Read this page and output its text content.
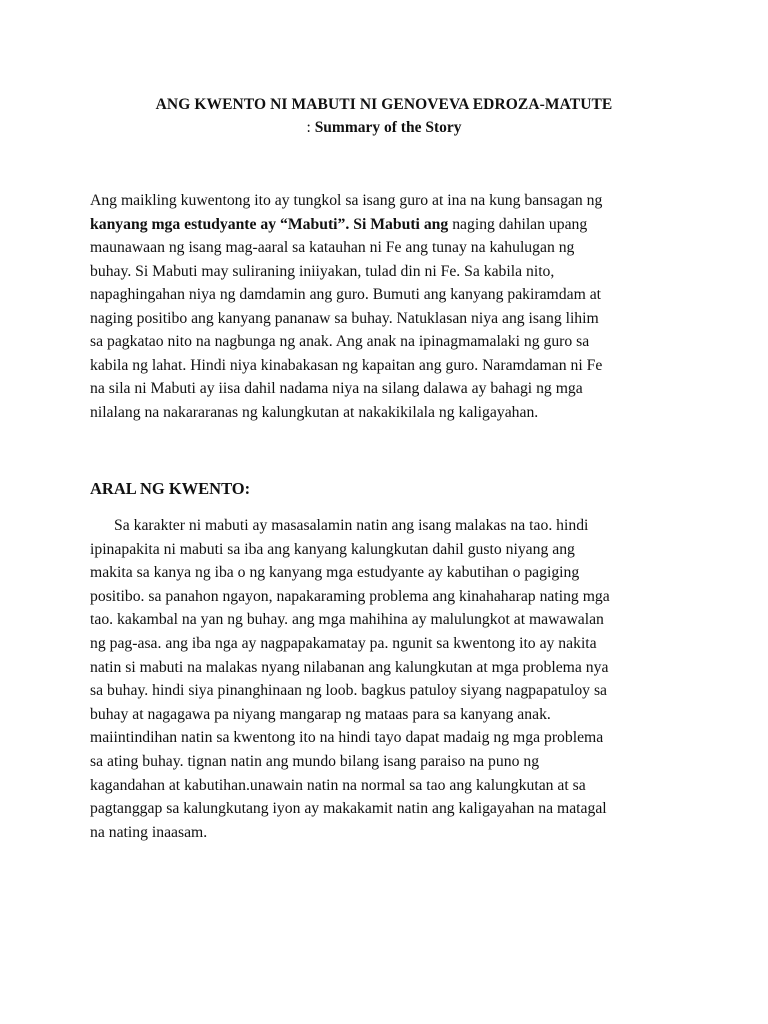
ANG KWENTO NI MABUTI NI GENOVEVA EDROZA-MATUTE
: Summary of the Story

Ang maikling kuwentong ito ay tungkol sa isang guro at ina na kung bansagan ng
kanyang mga estudyante ay “Mabuti”. Si Mabuti ang naging dahilan upang
maunawaan ng isang mag-aaral sa katauhan ni Fe ang tunay na kahulugan ng
buhay. Si Mabuti may suliraning iniiyakan, tulad din ni Fe. Sa kabila nito,
napaghingahan niya ng damdamin ang guro. Bumuti ang kanyang pakiramdam at
naging positibo ang kanyang pananaw sa buhay. Natuklasan niya ang isang lihim
sa pagkatao nito na nagbunga ng anak. Ang anak na ipinagmamalaki ng guro sa
kabila ng lahat. Hindi niya kinabakasan ng kapaitan ang guro. Naramdaman ni Fe
na sila ni Mabuti ay iisa dahil nadama niya na silang dalawa ay bahagi ng mga
nilalang na nakararanas ng kalungkutan at nakakikilala ng kaligayahan.

ARAL NG KWENTO:

Sa karakter ni mabuti ay masasalamin natin ang isang malakas na tao. hindi
ipinapakita ni mabuti sa iba ang kanyang kalungkutan dahil gusto niyang ang
makita sa kanya ng iba o ng kanyang mga estudyante ay kabutihan o pagiging
positibo. sa panahon ngayon, napakaraming problema ang kinahaharap nating mga
tao. kakambal na yan ng buhay. ang mga mahihina ay malulungkot at mawawalan
ng pag-asa. ang iba nga ay nagpapakamatay pa. ngunit sa kwentong ito ay nakita
natin si mabuti na malakas nyang nilabanan ang kalungkutan at mga problema nya
sa buhay. hindi siya pinanghinaan ng loob. bagkus patuloy siyang nagpapatuloy sa
buhay at nagagawa pa niyang mangarap ng mataas para sa kanyang anak.
maiintindihan natin sa kwentong ito na hindi tayo dapat madaig ng mga problema
sa ating buhay. tignan natin ang mundo bilang isang paraiso na puno ng
kagandahan at kabutihan.unawain natin na normal sa tao ang kalungkutan at sa
pagtanggap sa kalungkutang iyon ay makakamit natin ang kaligayahan na matagal
na nating inaasam.
